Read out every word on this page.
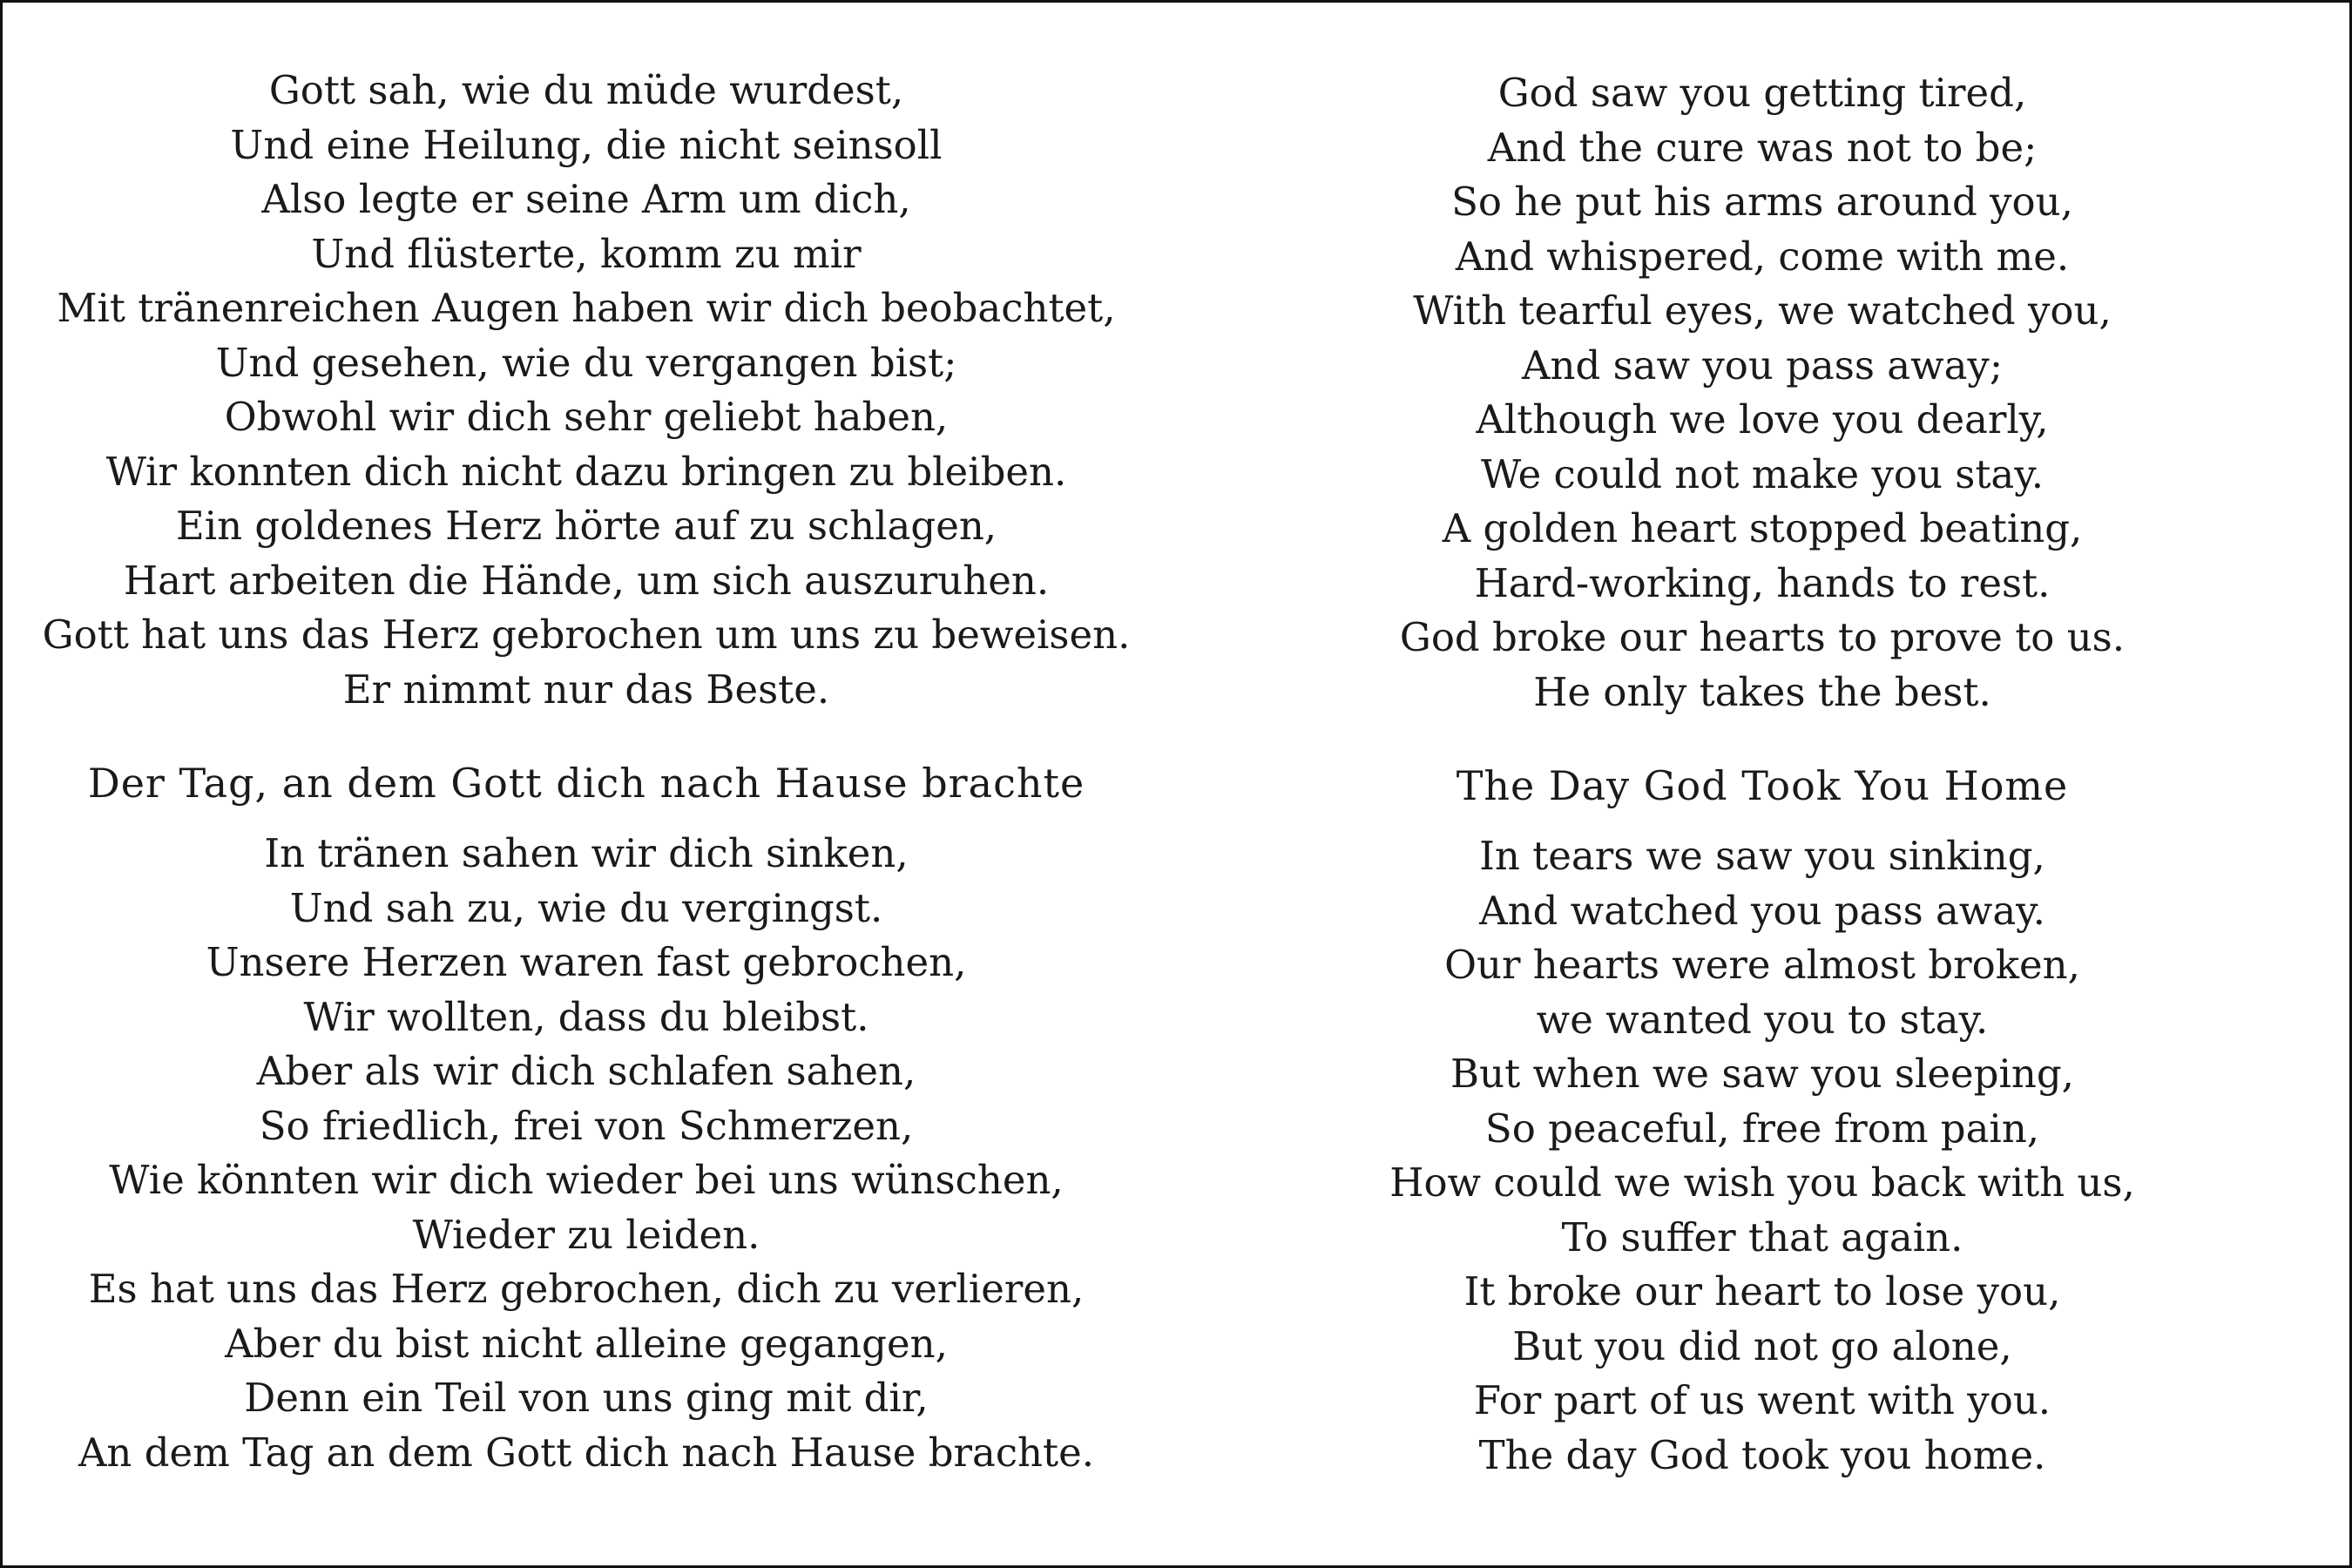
Gott sah, wie du müde wurdest,
Und eine Heilung, die nicht seinsoll
Also legte er seine Arm um dich,
Und flüsterte, komm zu mir
Mit tränenreichen Augen haben wir dich beobachtet,
Und gesehen, wie du vergangen bist;
Obwohl wir dich sehr geliebt haben,
Wir konnten dich nicht dazu bringen zu bleiben.
Ein goldenes Herz hörte auf zu schlagen,
Hart arbeiten die Hände, um sich auszuruhen.
Gott hat uns das Herz gebrochen um uns zu beweisen.
Er nimmt nur das Beste.
Der Tag, an dem Gott dich nach Hause brachte
In tränen sahen wir dich sinken,
Und sah zu, wie du vergingst.
Unsere Herzen waren fast gebrochen,
Wir wollten, dass du bleibst.
Aber als wir dich schlafen sahen,
So friedlich, frei von Schmerzen,
Wie könnten wir dich wieder bei uns wünschen,
Wieder zu leiden.
Es hat uns das Herz gebrochen, dich zu verlieren,
Aber du bist nicht alleine gegangen,
Denn ein Teil von uns ging mit dir,
An dem Tag an dem Gott dich nach Hause brachte.
God saw you getting tired,
And the cure was not to be;
So he put his arms around you,
And whispered, come with me.
With tearful eyes, we watched you,
And saw you pass away;
Although we love you dearly,
We could not make you stay.
A golden heart stopped beating,
Hard-working, hands to rest.
God broke our hearts to prove to us.
He only takes the best.
The Day God Took You Home
In tears we saw you sinking,
And watched you pass away.
Our hearts were almost broken,
we wanted you to stay.
But when we saw you sleeping,
So peaceful, free from pain,
How could we wish you back with us,
To suffer that again.
It broke our heart to lose you,
But you did not go alone,
For part of us went with you.
The day God took you home.
